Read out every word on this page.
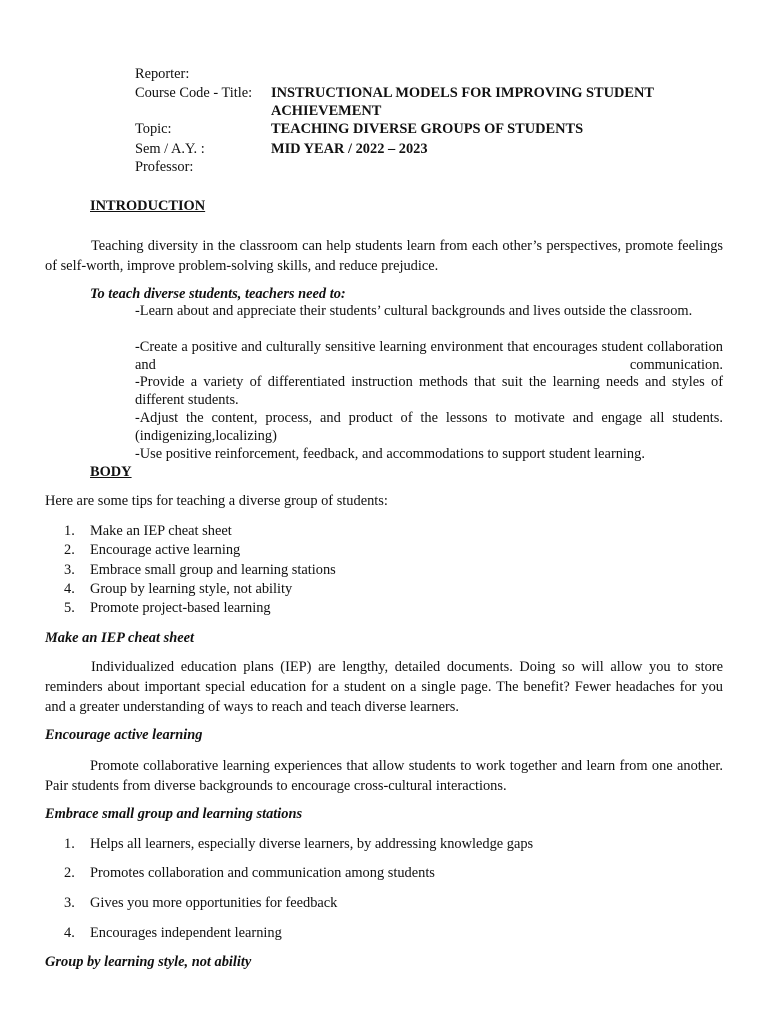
Reporter:
Course Code - Title: INSTRUCTIONAL MODELS FOR IMPROVING STUDENT
ACHIEVEMENT
Topic:	TEACHING DIVERSE GROUPS OF STUDENTS
Sem / A.Y. :	MID YEAR / 2022 – 2023
Professor:
INTRODUCTION
Teaching diversity in the classroom can help students learn from each other’s perspectives, promote feelings of self-worth, improve problem-solving skills, and reduce prejudice.
To teach diverse students, teachers need to:
-Learn about and appreciate their students’ cultural backgrounds and lives outside the classroom.
-Create a positive and culturally sensitive learning environment that encourages student collaboration and communication.
-Provide a variety of differentiated instruction methods that suit the learning needs and styles of different students.
-Adjust the content, process, and product of the lessons to motivate and engage all students. (indigenizing,localizing)
-Use positive reinforcement, feedback, and accommodations to support student learning.
BODY
Here are some tips for teaching a diverse group of students:
1. Make an IEP cheat sheet
2. Encourage active learning
3. Embrace small group and learning stations
4. Group by learning style, not ability
5. Promote project-based learning
Make an IEP cheat sheet
Individualized education plans (IEP) are lengthy, detailed documents. Doing so will allow you to store reminders about important special education for a student on a single page. The benefit? Fewer headaches for you and a greater understanding of ways to reach and teach diverse learners.
Encourage active learning
Promote collaborative learning experiences that allow students to work together and learn from one another. Pair students from diverse backgrounds to encourage cross-cultural interactions.
Embrace small group and learning stations
1. Helps all learners, especially diverse learners, by addressing knowledge gaps
2. Promotes collaboration and communication among students
3. Gives you more opportunities for feedback
4. Encourages independent learning
Group by learning style, not ability
